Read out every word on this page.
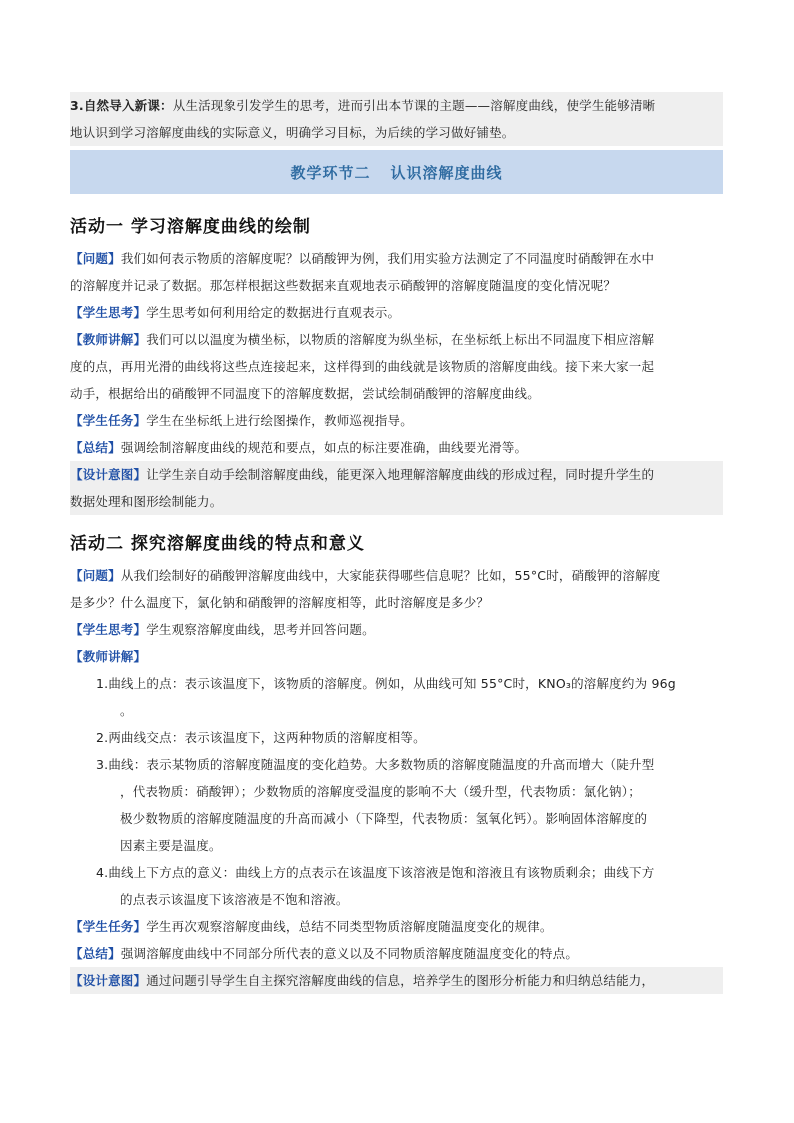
3.自然导入新课：从生活现象引发学生的思考，进而引出本节课的主题——溶解度曲线，使学生能够清晰

地认识到学习溶解度曲线的实际意义，明确学习目标，为后续的学习做好铺垫。

教学环节二 认识溶解度曲线
活动一 学习溶解度曲线的绘制

【问题】我们如何表示物质的溶解度呢？以硝酸钾为例，我们用实验方法测定了不同温度时硝酸钾在水中

的溶解度并记录了数据。那怎样根据这些数据来直观地表示硝酸钾的溶解度随温度的变化情况呢？

【学生思考】学生思考如何利用给定的数据进行直观表示。

【教师讲解】我们可以以温度为横坐标，以物质的溶解度为纵坐标，在坐标纸上标出不同温度下相应溶解

度的点，再用光滑的曲线将这些点连接起来，这样得到的曲线就是该物质的溶解度曲线。接下来大家一起

动手，根据给出的硝酸钾不同温度下的溶解度数据，尝试绘制硝酸钾的溶解度曲线。

【学生任务】学生在坐标纸上进行绘图操作，教师巡视指导。

【总结】强调绘制溶解度曲线的规范和要点，如点的标注要准确，曲线要光滑等。

【设计意图】让学生亲自动手绘制溶解度曲线，能更深入地理解溶解度曲线的形成过程，同时提升学生的

数据处理和图形绘制能力。

活动二 探究溶解度曲线的特点和意义

【问题】从我们绘制好的硝酸钾溶解度曲线中，大家能获得哪些信息呢？比如，55°C时，硝酸钾的溶解度

是多少？什么温度下，氯化钠和硝酸钾的溶解度相等，此时溶解度是多少？

【学生思考】学生观察溶解度曲线，思考并回答问题。

【教师讲解】

1.曲线上的点：表示该温度下，该物质的溶解度。例如，从曲线可知 55°C时，KNO₃的溶解度约为 96g

。

2.两曲线交点：表示该温度下，这两种物质的溶解度相等。

3.曲线：表示某物质的溶解度随温度的变化趋势。大多数物质的溶解度随温度的升高而增大（陡升型

，代表物质：硝酸钾）；少数物质的溶解度受温度的影响不大（缓升型，代表物质：氯化钠）；

极少数物质的溶解度随温度的升高而减小（下降型，代表物质：氢氧化钙）。影响固体溶解度的

因素主要是温度。

4.曲线上下方点的意义：曲线上方的点表示在该温度下该溶液是饱和溶液且有该物质剩余；曲线下方

的点表示该温度下该溶液是不饱和溶液。

【学生任务】学生再次观察溶解度曲线，总结不同类型物质溶解度随温度变化的规律。

【总结】强调溶解度曲线中不同部分所代表的意义以及不同物质溶解度随温度变化的特点。

【设计意图】通过问题引导学生自主探究溶解度曲线的信息，培养学生的图形分析能力和归纳总结能力，
